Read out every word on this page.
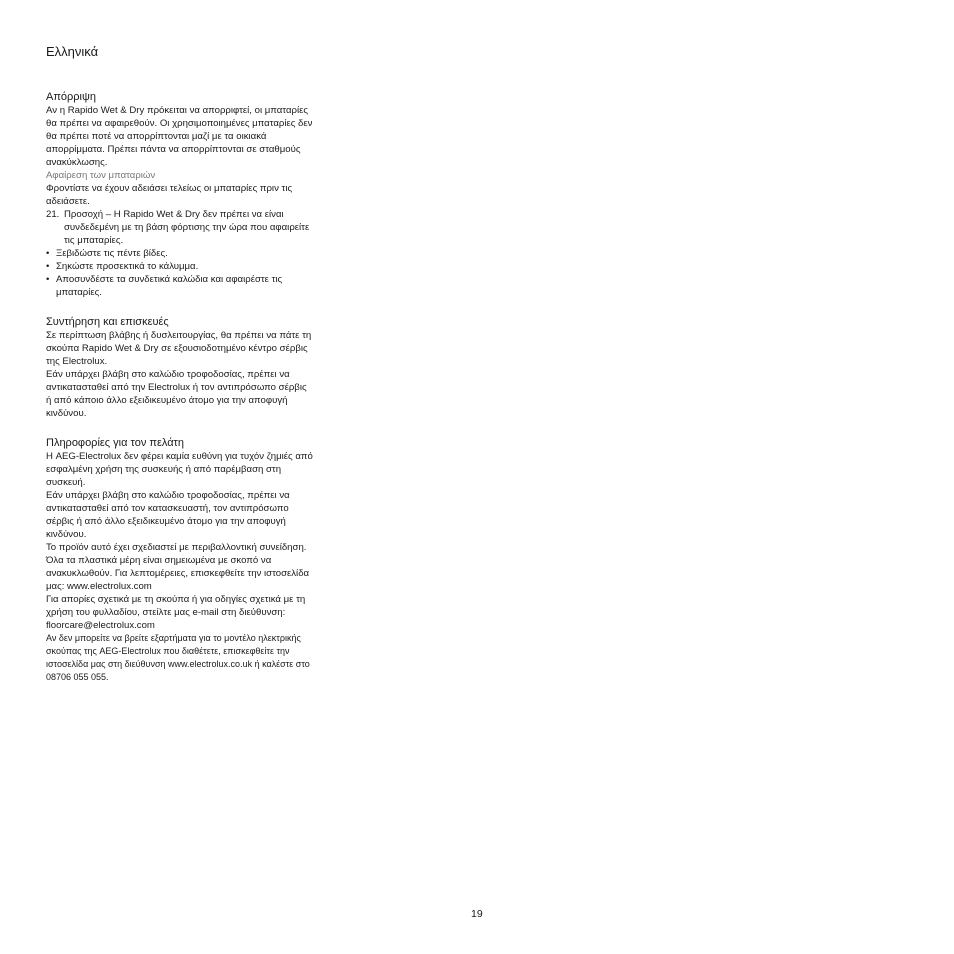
Ελληνικά
Απόρριψη

Αν η Rapido Wet & Dry πρόκειται να απορριφτεί, οι μπαταρίες θα πρέπει να αφαιρεθούν. Οι χρησιμοποιημένες μπαταρίες δεν θα πρέπει ποτέ να απορρίπτονται μαζί με τα οικιακά απορρίμματα. Πρέπει πάντα να απορρίπτονται σε σταθμούς ανακύκλωσης.

Αφαίρεση των μπαταριών

Φροντίστε να έχουν αδειάσει τελείως οι μπαταρίες πριν τις αδειάσετε.

21. Προσοχή – Η Rapido Wet & Dry δεν πρέπει να είναι συνδεδεμένη με τη βάση φόρτισης την ώρα που αφαιρείτε τις μπαταρίες.
• Ξεβιδώστε τις πέντε βίδες.
• Σηκώστε προσεκτικά το κάλυμμα.
• Αποσυνδέστε τα συνδετικά καλώδια και αφαιρέστε τις μπαταρίες.
Συντήρηση και επισκευές

Σε περίπτωση βλάβης ή δυσλειτουργίας, θα πρέπει να πάτε τη σκούπα Rapido Wet & Dry σε εξουσιοδοτημένο κέντρο σέρβις της Electrolux.

Εάν υπάρχει βλάβη στο καλώδιο τροφοδοσίας, πρέπει να αντικατασταθεί από την Electrolux ή τον αντιπρόσωπο σέρβις ή από κάποιο άλλο εξειδικευμένο άτομο για την αποφυγή κινδύνου.

Πληροφορίες για τον πελάτη

Η AEG-Electrolux δεν φέρει καμία ευθύνη για τυχόν ζημιές από εσφαλμένη χρήση της συσκευής ή από παρέμβαση στη συσκευή.

Εάν υπάρχει βλάβη στο καλώδιο τροφοδοσίας, πρέπει να αντικατασταθεί από τον κατασκευαστή, τον αντιπρόσωπο σέρβις ή από άλλο εξειδικευμένο άτομο για την αποφυγή κινδύνου.

Το προϊόν αυτό έχει σχεδιαστεί με περιβαλλοντική συνείδηση. Όλα τα πλαστικά μέρη είναι σημειωμένα με σκοπό να ανακυκλωθούν. Για λεπτομέρειες, επισκεφθείτε την ιστοσελίδα μας: www.electrolux.com

Για απορίες σχετικά με τη σκούπα ή για οδηγίες σχετικά με τη χρήση του φυλλαδίου, στείλτε μας e-mail στη διεύθυνση: floorcare@electrolux.com

Αν δεν μπορείτε να βρείτε εξαρτήματα για το μοντέλο ηλεκτρικής σκούπας της AEG-Electrolux που διαθέτετε, επισκεφθείτε την ιστοσελίδα μας στη διεύθυνση www.electrolux.co.uk ή καλέστε στο 08706 055 055.

19
